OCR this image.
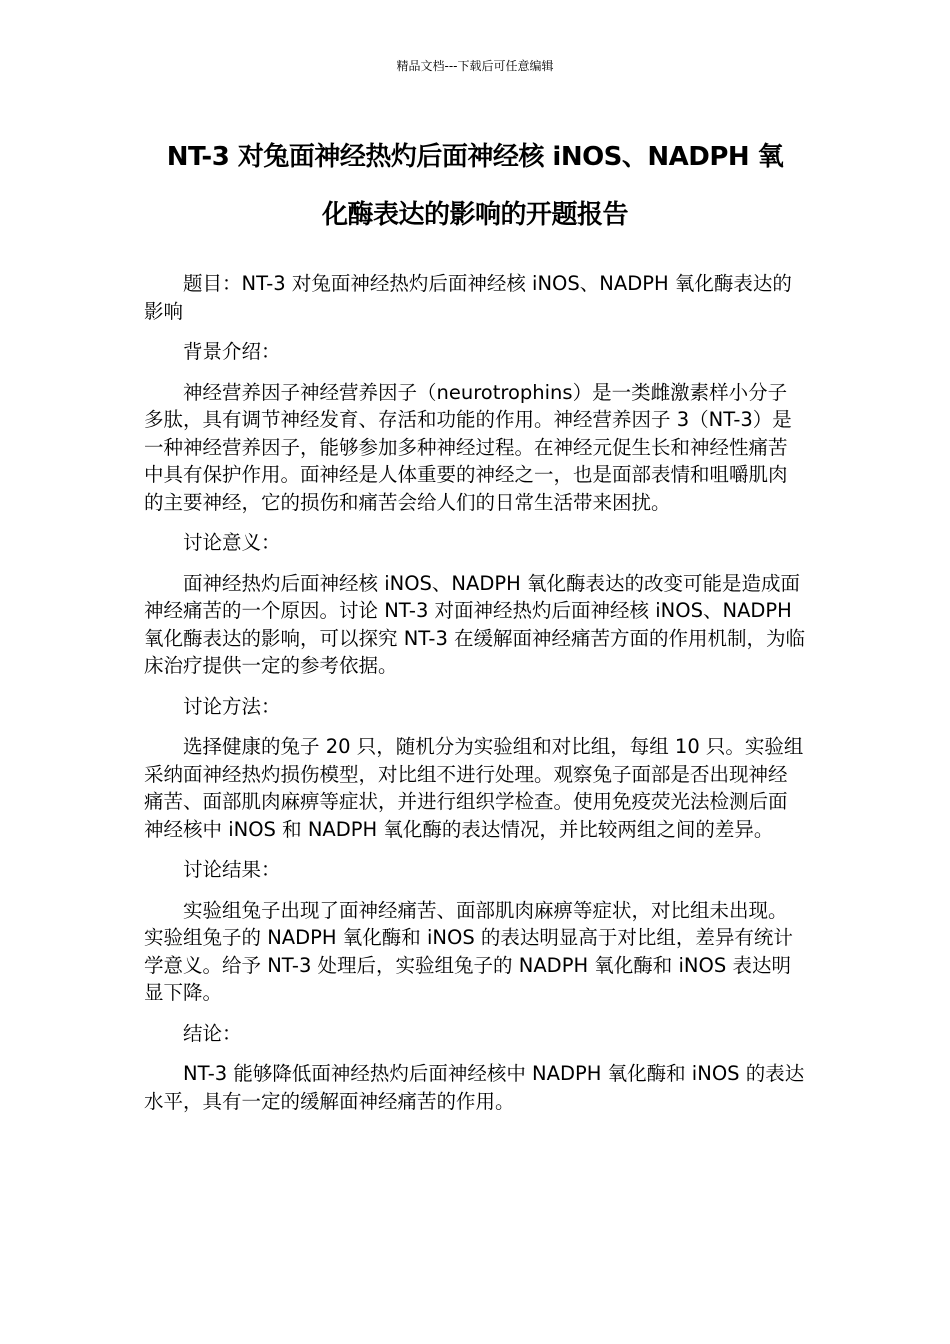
精品文档---下载后可任意编辑
NT-3 对兔面神经热灼后面神经核 iNOS、NADPH 氧
化酶表达的影响的开题报告

题目：NT-3 对兔面神经热灼后面神经核 iNOS、NADPH 氧化酶表达的影响

背景介绍：

神经营养因子神经营养因子（neurotrophins）是一类雌激素样小分子多肽，具有调节神经发育、存活和功能的作用。神经营养因子 3（NT-3）是一种神经营养因子，能够参加多种神经过程。在神经元促生长和神经性痛苦中具有保护作用。面神经是人体重要的神经之一，也是面部表情和咀嚼肌肉的主要神经，它的损伤和痛苦会给人们的日常生活带来困扰。

讨论意义：

面神经热灼后面神经核 iNOS、NADPH 氧化酶表达的改变可能是造成面神经痛苦的一个原因。讨论 NT-3 对面神经热灼后面神经核 iNOS、NADPH 氧化酶表达的影响，可以探究 NT-3 在缓解面神经痛苦方面的作用机制，为临床治疗提供一定的参考依据。

讨论方法：

选择健康的兔子 20 只，随机分为实验组和对比组，每组 10 只。实验组采纳面神经热灼损伤模型，对比组不进行处理。观察兔子面部是否出现神经痛苦、面部肌肉麻痹等症状，并进行组织学检查。使用免疫荧光法检测后面神经核中 iNOS 和 NADPH 氧化酶的表达情况，并比较两组之间的差异。

讨论结果：

实验组兔子出现了面神经痛苦、面部肌肉麻痹等症状，对比组未出现。实验组兔子的 NADPH 氧化酶和 iNOS 的表达明显高于对比组，差异有统计学意义。给予 NT-3 处理后，实验组兔子的 NADPH 氧化酶和 iNOS 表达明显下降。

结论：

NT-3 能够降低面神经热灼后面神经核中 NADPH 氧化酶和 iNOS 的表达水平，具有一定的缓解面神经痛苦的作用。
